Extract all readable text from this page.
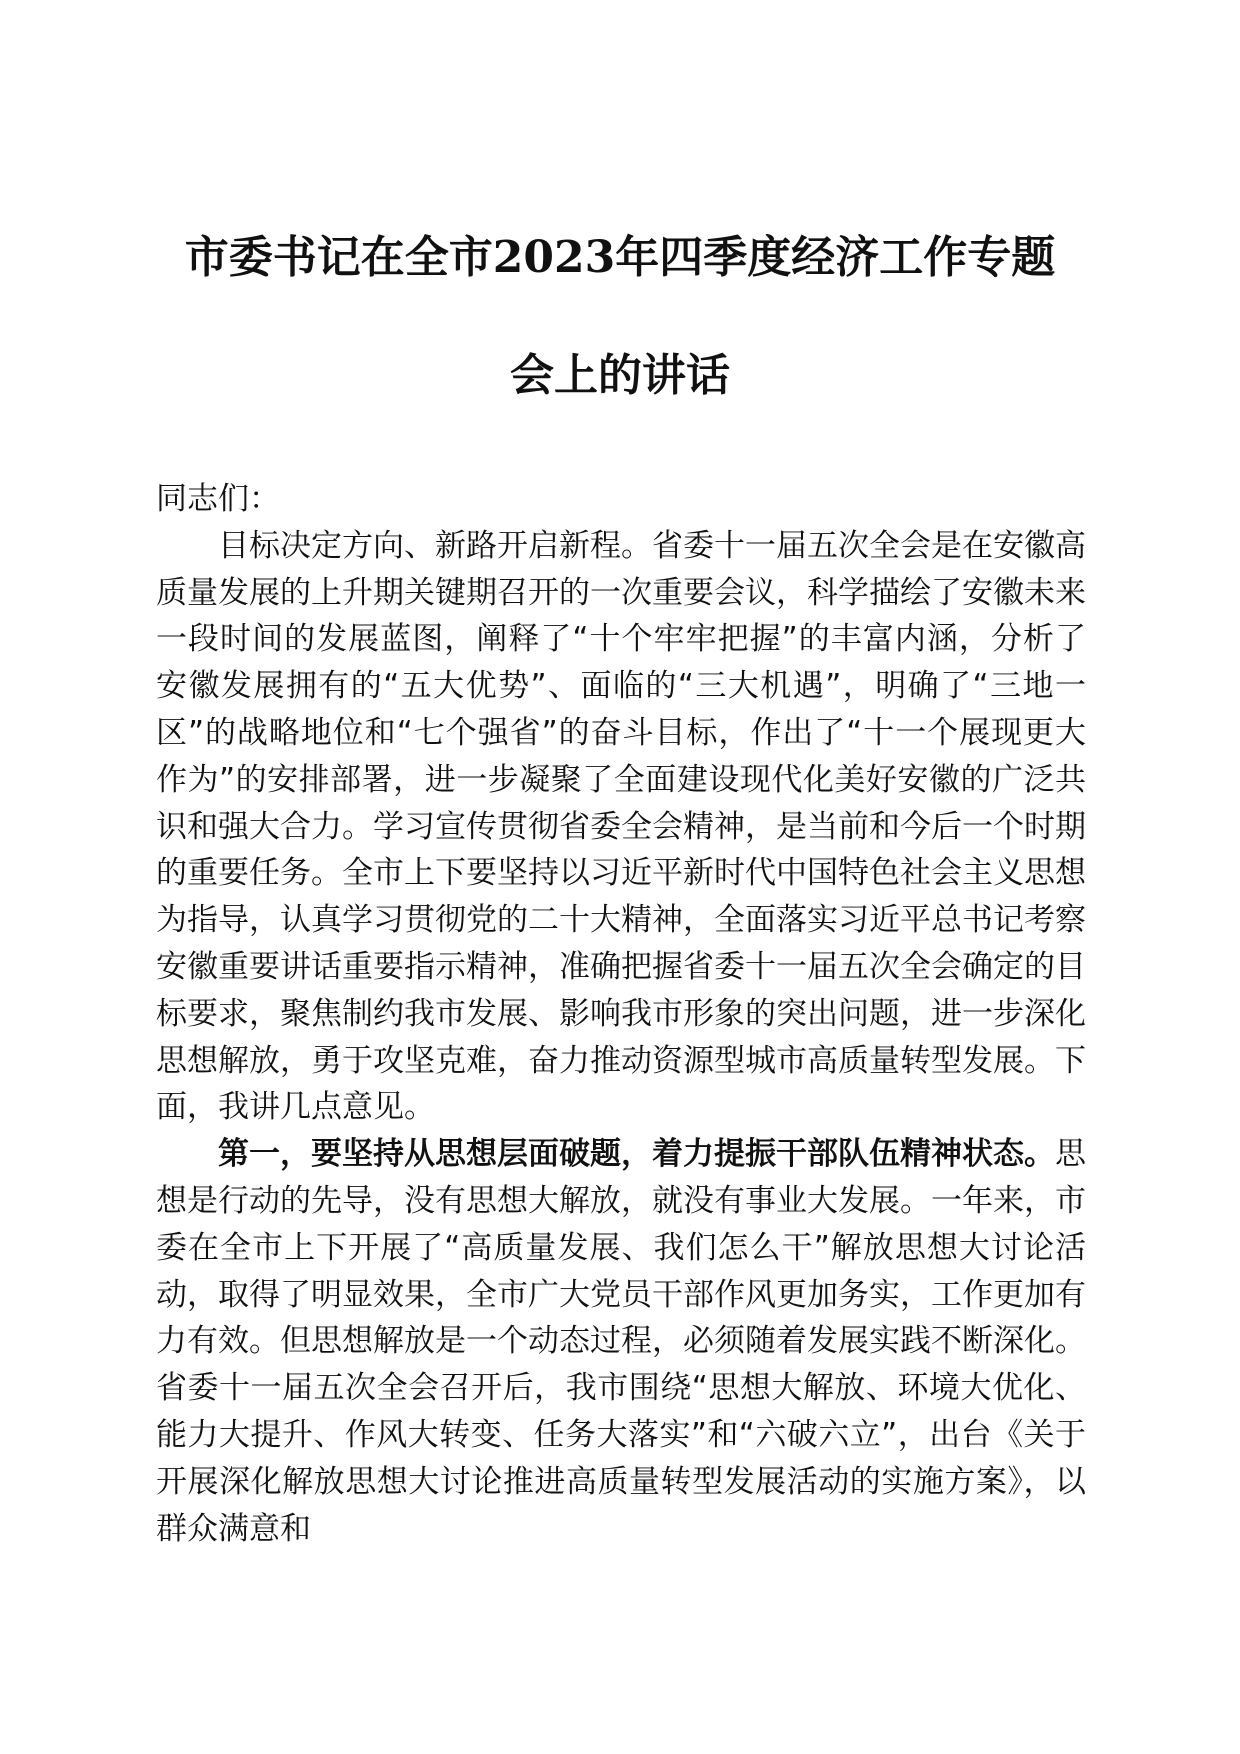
市委书记在全市2023年四季度经济工作专题
会上的讲话

同志们：

目标决定方向、新路开启新程。省委十一届五次全会是在安徽高质量发展的上升期关键期召开的一次重要会议，科学描绘了安徽未来一段时间的发展蓝图，阐释了“十个牢牢把握”的丰富内涵，分析了安徽发展拥有的“五大优势”、面临的“三大机遇”，明确了“三地一区”的战略地位和“七个强省”的奋斗目标，作出了“十一个展现更大作为”的安排部署，进一步凝聚了全面建设现代化美好安徽的广泛共识和强大合力。学习宣传贯彻省委全会精神，是当前和今后一个时期的重要任务。全市上下要坚持以习近平新时代中国特色社会主义思想为指导，认真学习贯彻党的二十大精神，全面落实习近平总书记考察安徽重要讲话重要指示精神，准确把握省委十一届五次全会确定的目标要求，聚焦制约我市发展、影响我市形象的突出问题，进一步深化思想解放，勇于攻坚克难，奋力推动资源型城市高质量转型发展。下面，我讲几点意见。

第一，要坚持从思想层面破题，着力提振干部队伍精神状态。思想是行动的先导，没有思想大解放，就没有事业大发展。一年来，市委在全市上下开展了“高质量发展、我们怎么干”解放思想大讨论活动，取得了明显效果，全市广大党员干部作风更加务实，工作更加有力有效。但思想解放是一个动态过程，必须随着发展实践不断深化。省委十一届五次全会召开后，我市围绕“思想大解放、环境大优化、能力大提升、作风大转变、任务大落实”和“六破六立”，出台《关于开展深化解放思想大讨论推进高质量转型发展活动的实施方案》，以群众满意和
